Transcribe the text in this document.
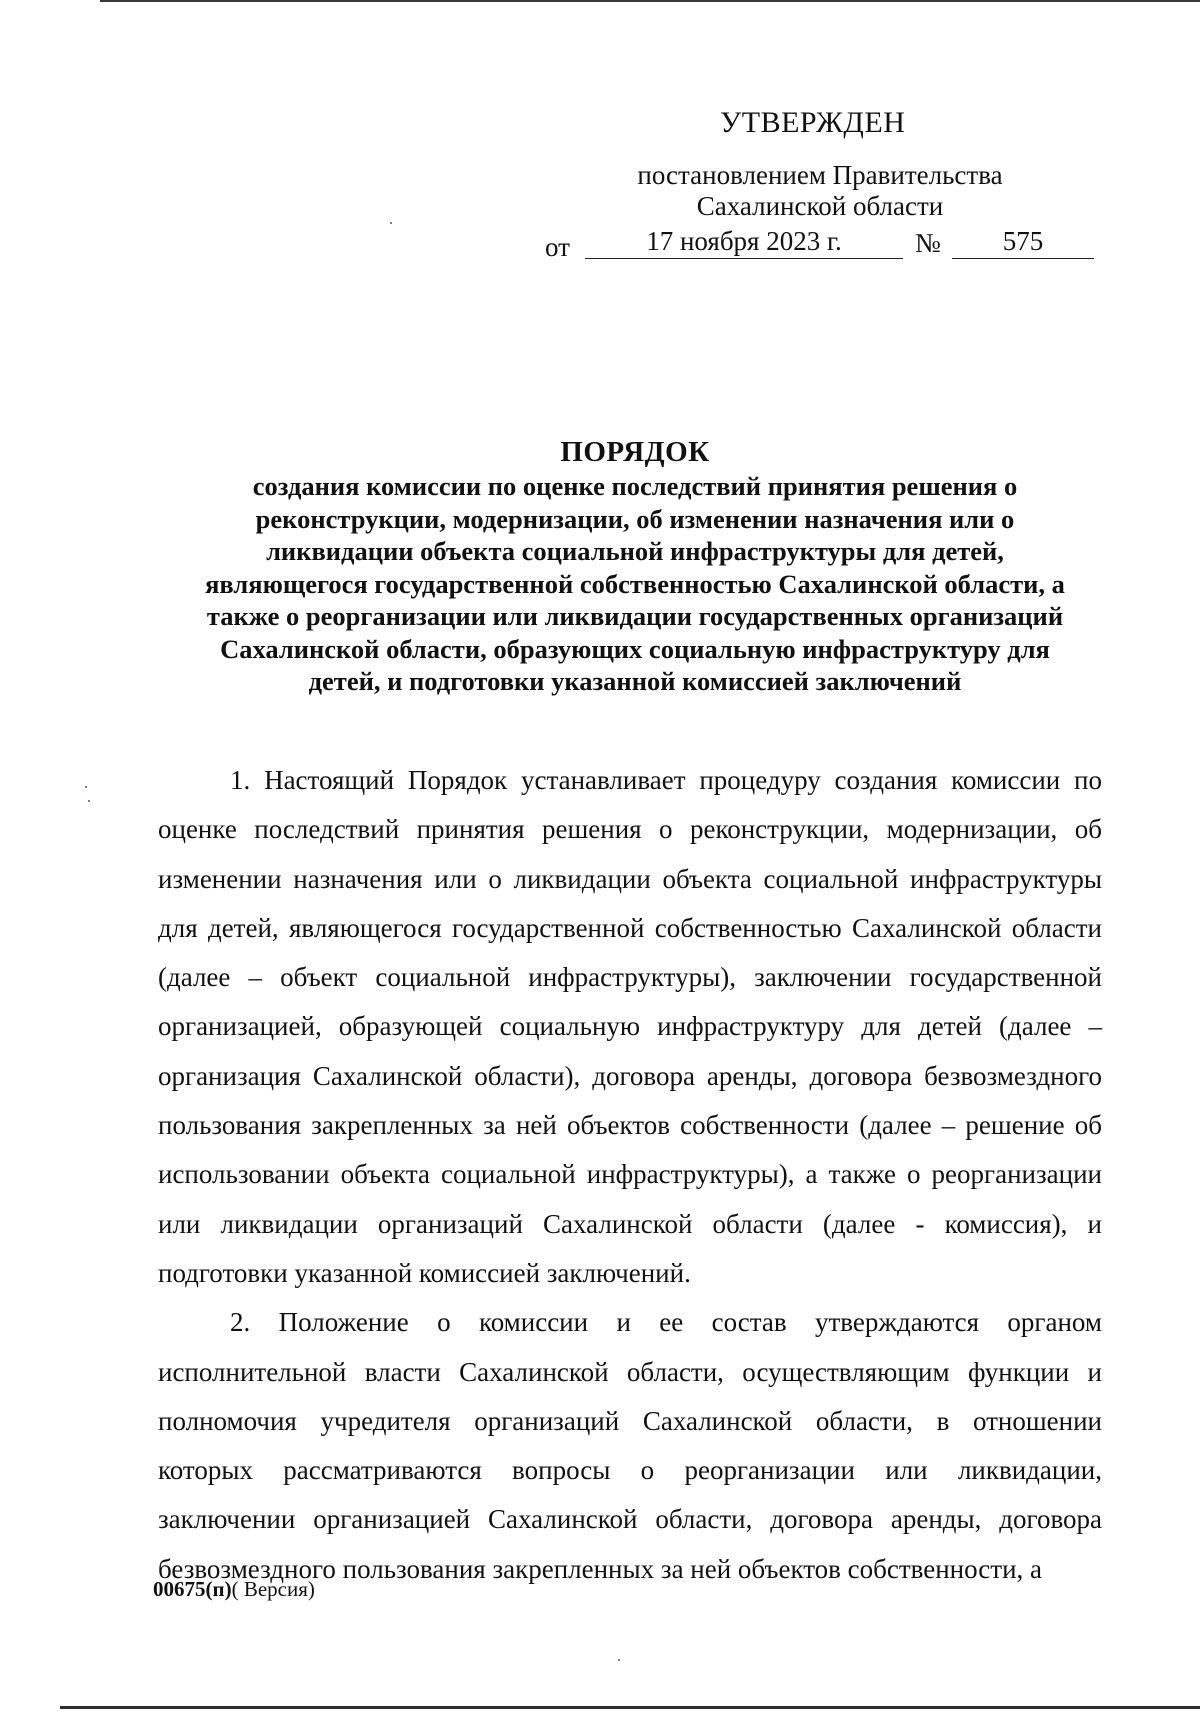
УТВЕРЖДЕН
постановлением Правительства
Сахалинской области
от	17 ноября 2023 г.	№	575
ПОРЯДОК
создания комиссии по оценке последствий принятия решения о
реконструкции, модернизации, об изменении назначения или о
ликвидации объекта социальной инфраструктуры для детей,
являющегося государственной собственностью Сахалинской области, а
также о реорганизации или ликвидации государственных организаций
Сахалинской области, образующих социальную инфраструктуру для
детей, и подготовки указанной комиссией заключений

1. Настоящий Порядок устанавливает процедуру создания комиссии по оценке последствий принятия решения о реконструкции, модернизации, об изменении назначения или о ликвидации объекта социальной инфраструктуры для детей, являющегося государственной собственностью Сахалинской области (далее – объект социальной инфраструктуры), заключении государственной организацией, образующей социальную инфраструктуру для детей (далее – организация Сахалинской области), договора аренды, договора безвозмездного пользования закрепленных за ней объектов собственности (далее – решение об использовании объекта социальной инфраструктуры), а также о реорганизации или ликвидации организаций Сахалинской области (далее - комиссия), и подготовки указанной комиссией заключений.

2. Положение о комиссии и ее состав утверждаются органом исполнительной власти Сахалинской области, осуществляющим функции и полномочия учредителя организаций Сахалинской области, в отношении которых рассматриваются вопросы о реорганизации или ликвидации, заключении организацией Сахалинской области, договора аренды, договора безвозмездного пользования закрепленных за ней объектов собственности, а

00675(п)( Версия)
